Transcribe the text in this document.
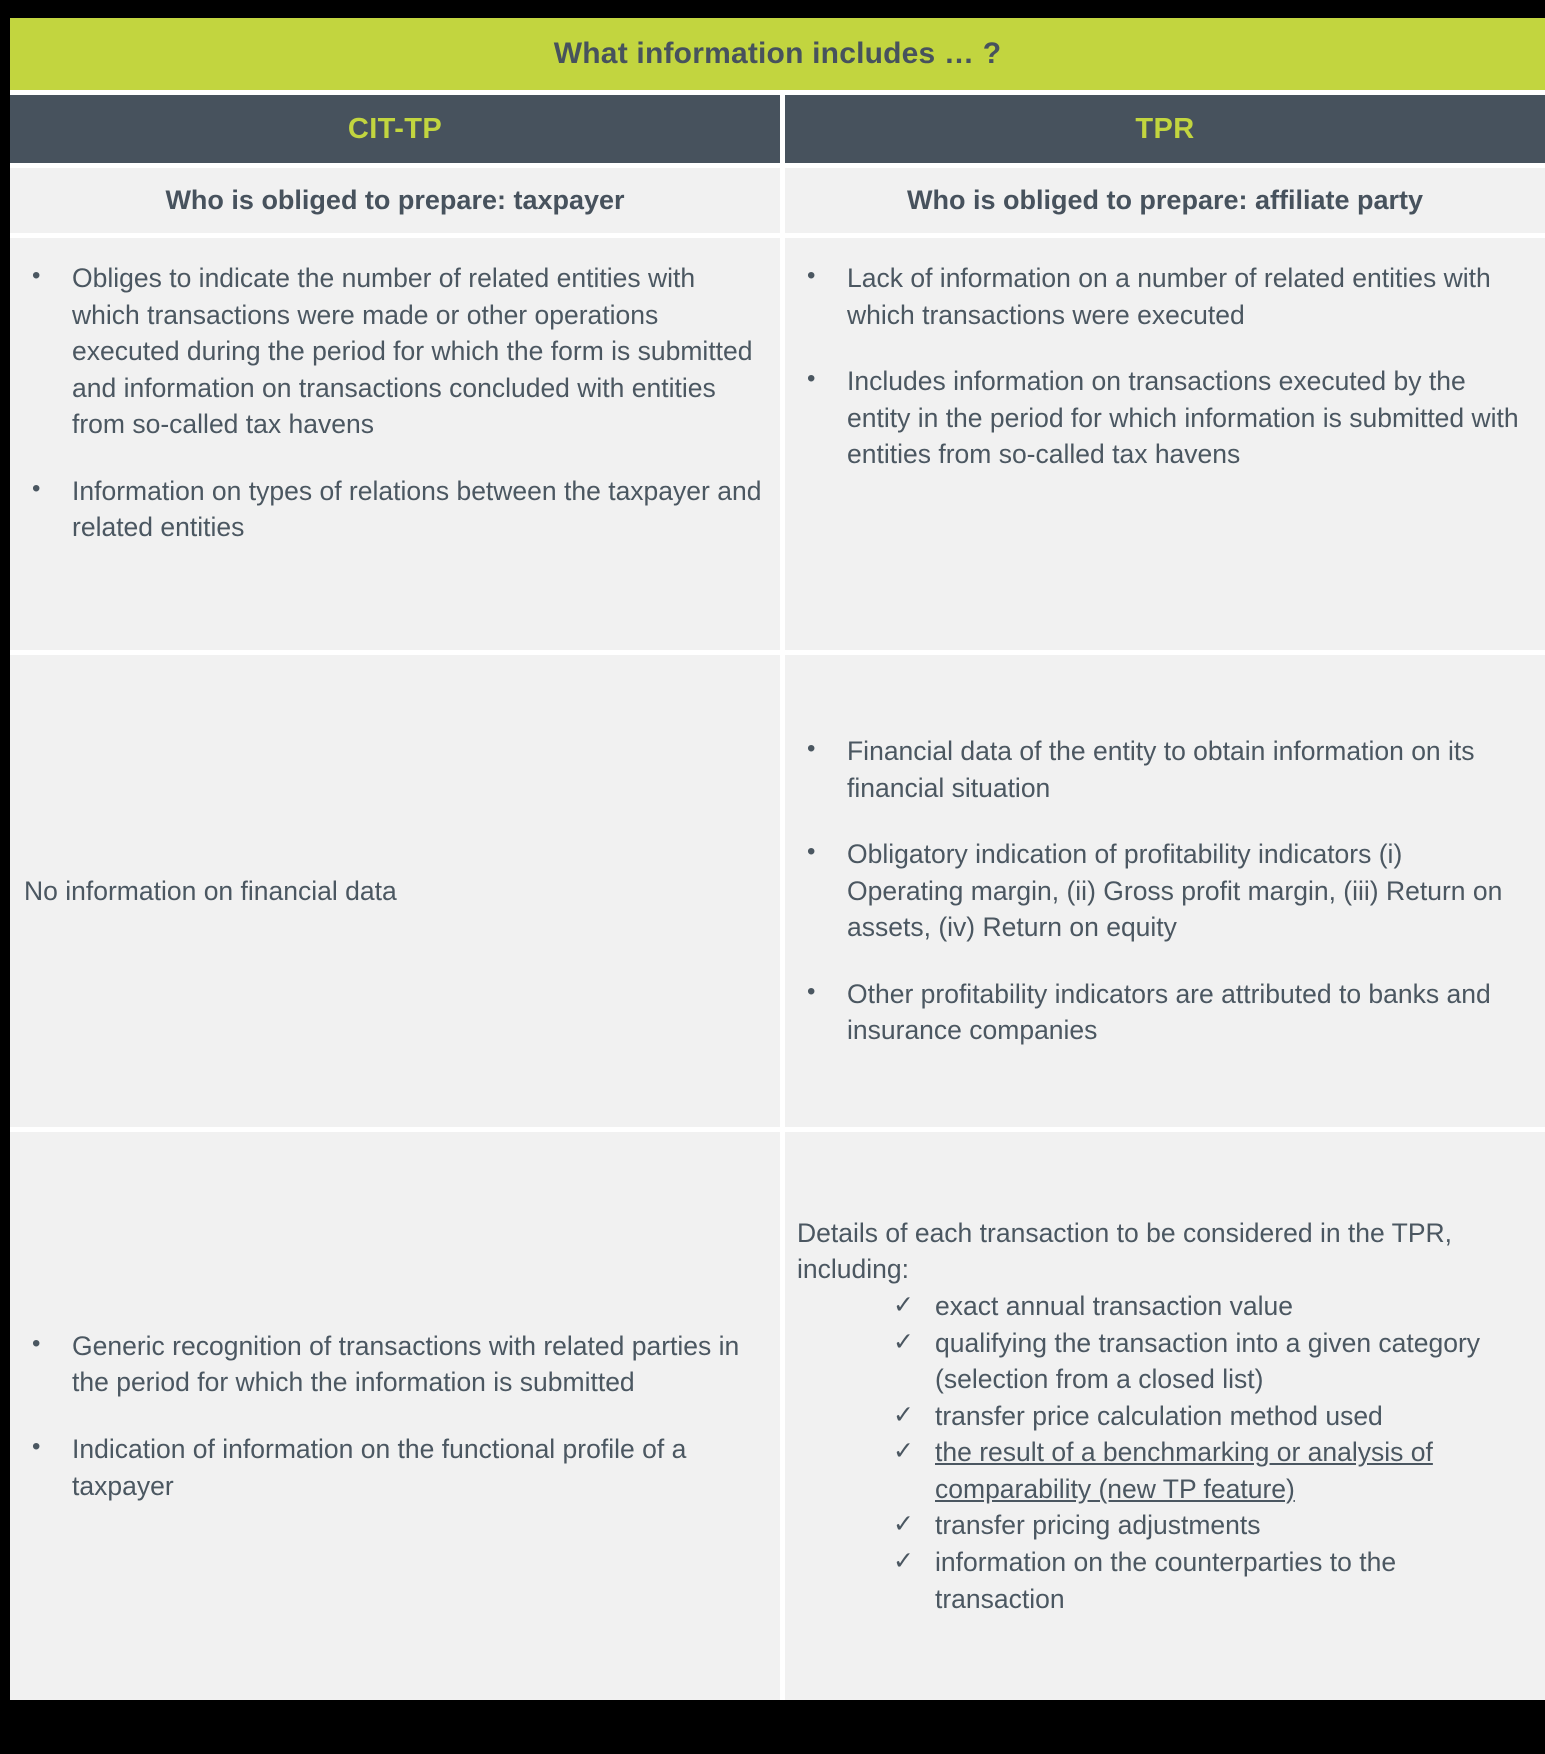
What information includes … ?
CIT-TP	TPR
Who is obliged to prepare: taxpayer	Who is obliged to prepare: affiliate party
• Obliges to indicate the number of related entities with which transactions were made or other operations executed during the period for which the form is submitted and information on transactions concluded with entities from so-called tax havens
• Information on types of relations between the taxpayer and related entities
• Lack of information on a number of related entities with which transactions were executed
• Includes information on transactions executed by the entity in the period for which information is submitted with entities from so-called tax havens
No information on financial data
• Financial data of the entity to obtain information on its financial situation
• Obligatory indication of profitability indicators (i) Operating margin, (ii) Gross profit margin, (iii) Return on assets, (iv) Return on equity
• Other profitability indicators are attributed to banks and insurance companies
• Generic recognition of transactions with related parties in the period for which the information is submitted
• Indication of information on the functional profile of a taxpayer
Details of each transaction to be considered in the TPR, including:
✓ exact annual transaction value
✓ qualifying the transaction into a given category (selection from a closed list)
✓ transfer price calculation method used
✓ the result of a benchmarking or analysis of comparability (new TP feature)
✓ transfer pricing adjustments
✓ information on the counterparties to the transaction
